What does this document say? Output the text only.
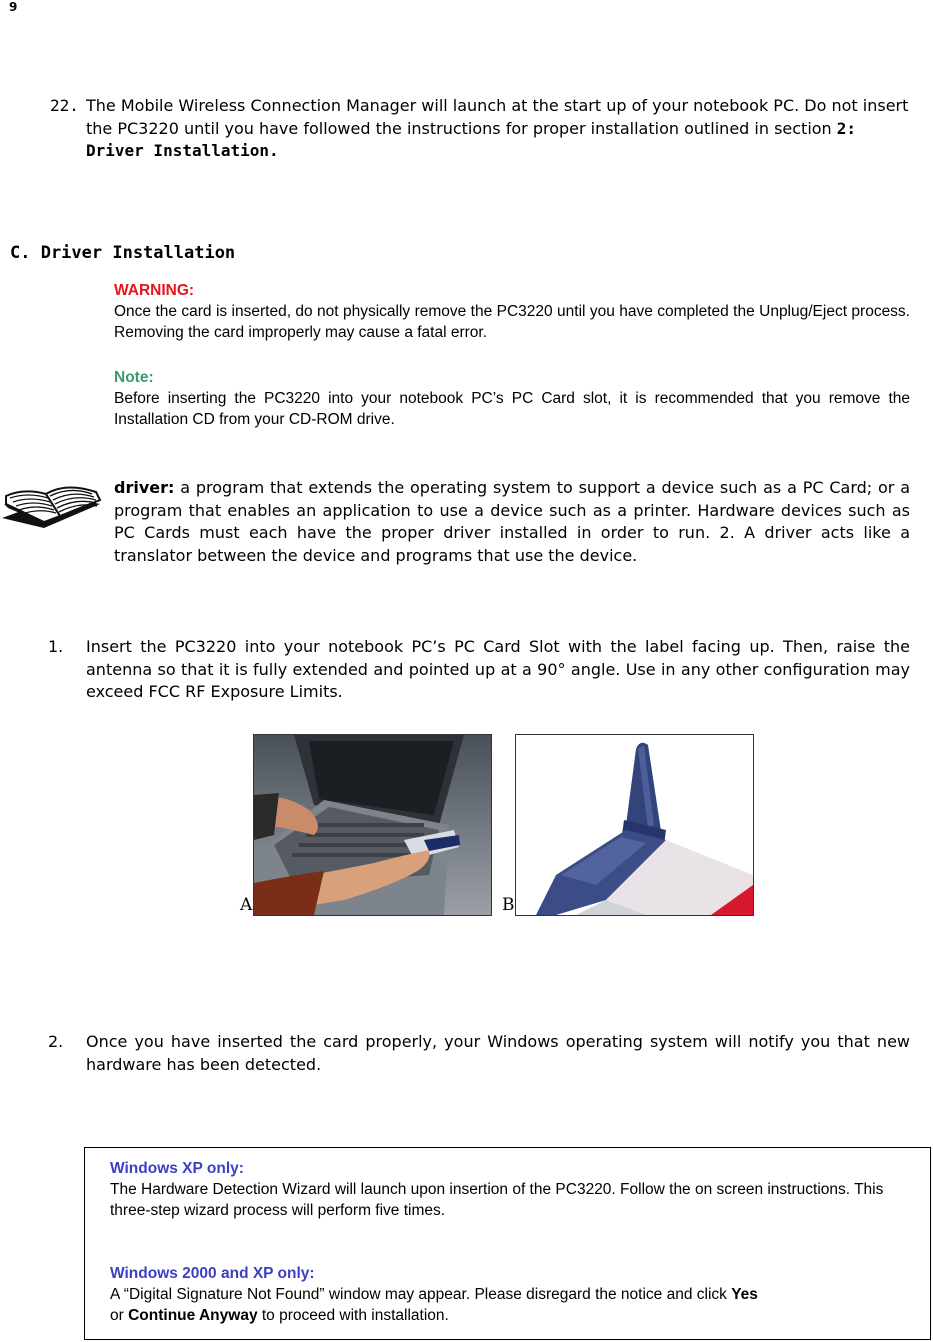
9
22. The Mobile Wireless Connection Manager will launch at the start up of your notebook PC. Do not insert the PC3220 until you have followed the instructions for proper installation outlined in section 2: Driver Installation.
C. Driver Installation
WARNING:
Once the card is inserted, do not physically remove the PC3220 until you have completed the Unplug/Eject process. Removing the card improperly may cause a fatal error.
Note:
Before inserting the PC3220 into your notebook PC’s PC Card slot, it is recommended that you remove the Installation CD from your CD-ROM drive.
driver: a program that extends the operating system to support a device such as a PC Card; or a program that enables an application to use a device such as a printer. Hardware devices such as PC Cards must each have the proper driver installed in order to run. 2. A driver acts like a translator between the device and programs that use the device.
1. Insert the PC3220 into your notebook PC’s PC Card Slot with the label facing up. Then, raise the antenna so that it is fully extended and pointed up at a 90° angle. Use in any other configuration may exceed FCC RF Exposure Limits.
A	B
2. Once you have inserted the card properly, your Windows operating system will notify you that new hardware has been detected.
Windows XP only:
The Hardware Detection Wizard will launch upon insertion of the PC3220. Follow the on screen instructions. This three-step wizard process will perform five times.
Windows 2000 and XP only:
A “Digital Signature Not Found” window may appear. Please disregard the notice and click Yes
or Continue Anyway to proceed with installation.
